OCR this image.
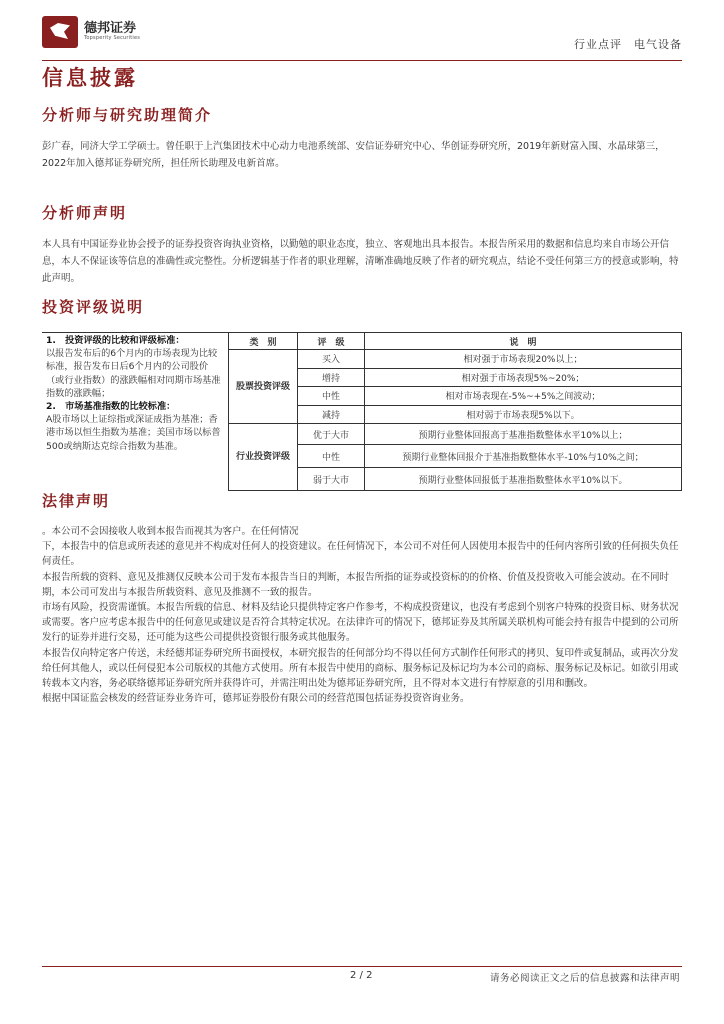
德邦证券
Topsperity Securities	行业点评　电气设备
信息披露
分析师与研究助理简介

彭广春，同济大学工学硕士。曾任职于上汽集团技术中心动力电池系统部、安信证券研究中心、华创证券研究所，2019年新财富入围、水晶球第三，2022年加入德邦证券研究所，担任所长助理及电新首席。

分析师声明

本人具有中国证券业协会授予的证券投资咨询执业资格，以勤勉的职业态度，独立、客观地出具本报告。本报告所采用的数据和信息均来自市场公开信息，本人不保证该等信息的准确性或完整性。分析逻辑基于作者的职业理解，清晰准确地反映了作者的研究观点，结论不受任何第三方的授意或影响，特此声明。

投资评级说明
1.　投资评级的比较和评级标准：
以报告发布后的6个月内的市场表现为比较标准，报告发布日后6个月内的公司股价（或行业指数）的涨跌幅相对同期市场基准指数的涨跌幅；
2.　市场基准指数的比较标准：
A股市场以上证综指或深证成指为基准；香港市场以恒生指数为基准；美国市场以标普500或纳斯达克综合指数为基准。
类　别	评　级	说　明
股票投资评级	买入	相对强于市场表现20%以上；
	增持	相对强于市场表现5%~20%；
	中性	相对市场表现在-5%~+5%之间波动；
	减持	相对弱于市场表现5%以下。
行业投资评级	优于大市	预期行业整体回报高于基准指数整体水平10%以上；
	中性	预期行业整体回报介于基准指数整体水平-10%与10%之间；
	弱于大市	预期行业整体回报低于基准指数整体水平10%以下。
法律声明

。本公司不会因接收人收到本报告而视其为客户。在任何情况

下，本报告中的信息或所表述的意见并不构成对任何人的投资建议。在任何情况下，本公司不对任何人因使用本报告中的任何内容所引致的任何损失负任何责任。

本报告所载的资料、意见及推测仅反映本公司于发布本报告当日的判断，本报告所指的证券或投资标的的价格、价值及投资收入可能会波动。在不同时期，本公司可发出与本报告所载资料、意见及推测不一致的报告。

市场有风险，投资需谨慎。本报告所载的信息、材料及结论只提供特定客户作参考，不构成投资建议，也没有考虑到个别客户特殊的投资目标、财务状况或需要。客户应考虑本报告中的任何意见或建议是否符合其特定状况。在法律许可的情况下，德邦证券及其所属关联机构可能会持有报告中提到的公司所发行的证券并进行交易，还可能为这些公司提供投资银行服务或其他服务。

本报告仅向特定客户传送，未经德邦证券研究所书面授权，本研究报告的任何部分均不得以任何方式制作任何形式的拷贝、复印件或复制品，或再次分发给任何其他人，或以任何侵犯本公司版权的其他方式使用。所有本报告中使用的商标、服务标记及标记均为本公司的商标、服务标记及标记。如欲引用或转载本文内容，务必联络德邦证券研究所并获得许可，并需注明出处为德邦证券研究所，且不得对本文进行有悖原意的引用和删改。

根据中国证监会核发的经营证券业务许可，德邦证券股份有限公司的经营范围包括证券投资咨询业务。

2 / 2	请务必阅读正文之后的信息披露和法律声明
